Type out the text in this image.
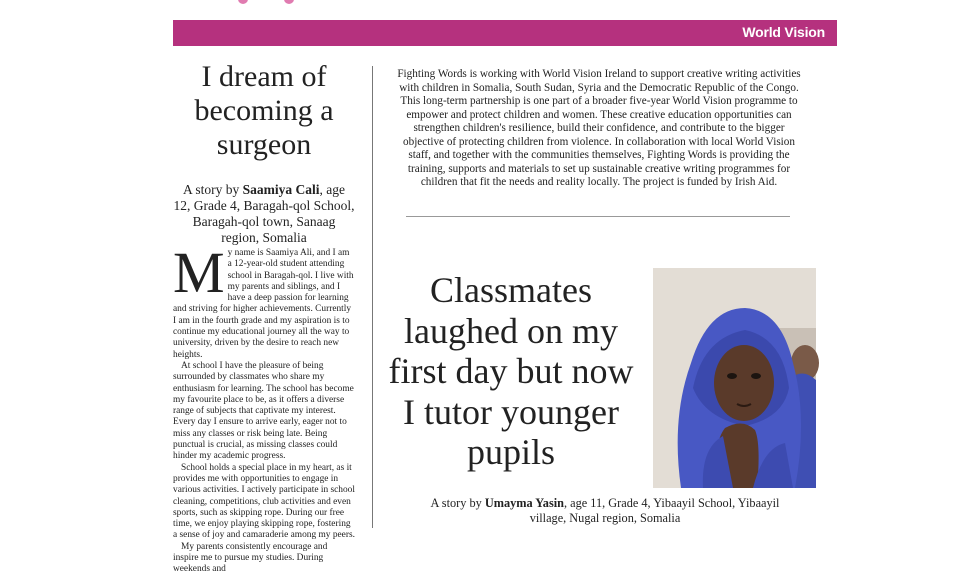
World Vision
I dream of becoming a surgeon
A story by Saamiya Cali, age 12, Grade 4, Baragah-qol School, Baragah-qol town, Sanaag region, Somalia

My name is Saamiya Ali, and I am a 12-year-old student attending school in Baragah-qol. I live with my parents and siblings, and I have a deep passion for learning and striving for higher achievements. Currently I am in the fourth grade and my aspiration is to continue my educational journey all the way to university, driven by the desire to reach new heights.

At school I have the pleasure of being surrounded by classmates who share my enthusiasm for learning. The school has become my favourite place to be, as it offers a diverse range of subjects that captivate my interest. Every day I ensure to arrive early, eager not to miss any classes or risk being late. Being punctual is crucial, as missing classes could hinder my academic progress.

School holds a special place in my heart, as it provides me with opportunities to engage in various activities. I actively participate in school cleaning, competitions, club activities and even sports, such as skipping rope. During our free time, we enjoy playing skipping rope, fostering a sense of joy and camaraderie among my peers.

My parents consistently encourage and inspire me to pursue my studies. During weekends and

Fighting Words is working with World Vision Ireland to support creative writing activities with children in Somalia, South Sudan, Syria and the Democratic Republic of the Congo. This long-term partnership is one part of a broader five-year World Vision programme to empower and protect children and women. These creative education opportunities can strengthen children's resilience, build their confidence, and contribute to the bigger objective of protecting children from violence. In collaboration with local World Vision staff, and together with the communities themselves, Fighting Words is providing the training, supports and materials to set up sustainable creative writing programmes for children that fit the needs and reality locally. The project is funded by Irish Aid.
Classmates laughed on my first day but now I tutor younger pupils
A story by Umayma Yasin, age 11, Grade 4, Yibaayil School, Yibaayil village, Nugal region, Somalia
